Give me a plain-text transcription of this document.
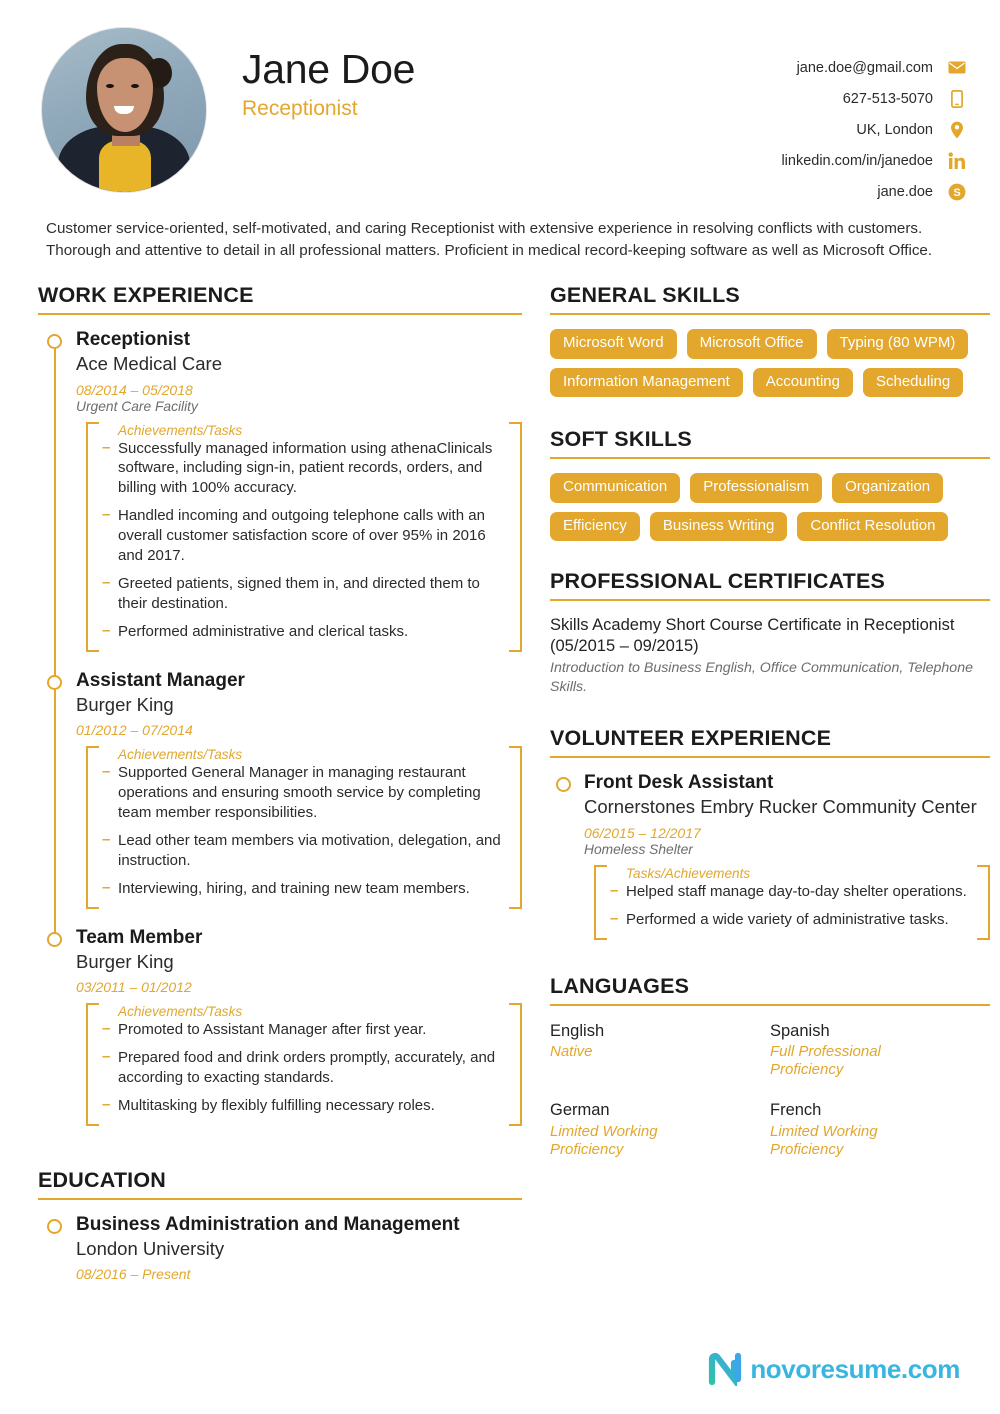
Jane Doe
Receptionist
jane.doe@gmail.com
627-513-5070
UK, London
linkedin.com/in/janedoe
jane.doe S
Customer service-oriented, self-motivated, and caring Receptionist with extensive experience in resolving conflicts with customers. Thorough and attentive to detail in all professional matters. Proficient in medical record-keeping software as well as Microsoft Office.
WORK EXPERIENCE
Receptionist
Ace Medical Care
08/2014 – 05/2018
Urgent Care Facility
Achievements/Tasks
– Successfully managed information using athenaClinicals software, including sign-in, patient records, orders, and billing with 100% accuracy.
– Handled incoming and outgoing telephone calls with an overall customer satisfaction score of over 95% in 2016 and 2017.
– Greeted patients, signed them in, and directed them to their destination.
– Performed administrative and clerical tasks.
Assistant Manager
Burger King
01/2012 – 07/2014
Achievements/Tasks
– Supported General Manager in managing restaurant operations and ensuring smooth service by completing team member responsibilities.
– Lead other team members via motivation, delegation, and instruction.
– Interviewing, hiring, and training new team members.
Team Member
Burger King
03/2011 – 01/2012
Achievements/Tasks
– Promoted to Assistant Manager after first year.
– Prepared food and drink orders promptly, accurately, and according to exacting standards.
– Multitasking by flexibly fulfilling necessary roles.
EDUCATION
Business Administration and Management
London University
08/2016 – Present
GENERAL SKILLS
Microsoft Word	Microsoft Office	Typing (80 WPM)
Information Management	Accounting	Scheduling
SOFT SKILLS
Communication	Professionalism	Organization
Efficiency	Business Writing	Conflict Resolution
PROFESSIONAL CERTIFICATES
Skills Academy Short Course Certificate in Receptionist (05/2015 – 09/2015)
Introduction to Business English, Office Communication, Telephone Skills.
VOLUNTEER EXPERIENCE
Front Desk Assistant
Cornerstones Embry Rucker Community Center
06/2015 – 12/2017
Homeless Shelter
Tasks/Achievements
– Helped staff manage day-to-day shelter operations.
– Performed a wide variety of administrative tasks.
LANGUAGES
English
Native
Spanish
Full Professional Proficiency
German
Limited Working Proficiency
French
Limited Working Proficiency
novoresume.com
